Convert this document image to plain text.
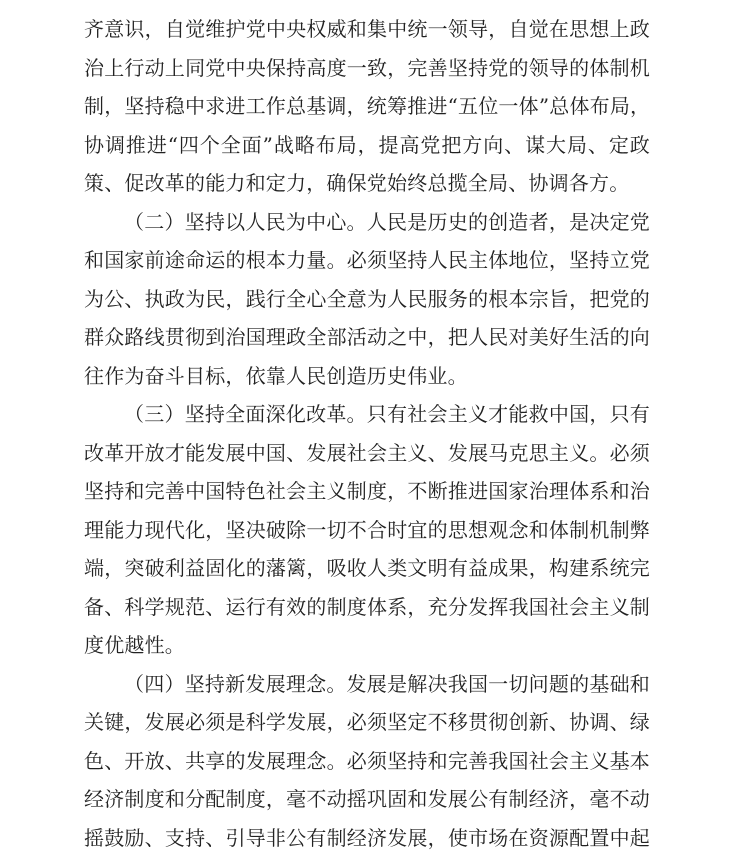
齐意识，自觉维护党中央权威和集中统一领导，自觉在思想上政
治上行动上同党中央保持高度一致，完善坚持党的领导的体制机
制，坚持稳中求进工作总基调，统筹推进“五位一体”总体布局，
协调推进“四个全面”战略布局，提高党把方向、谋大局、定政
策、促改革的能力和定力，确保党始终总揽全局、协调各方。
（二）坚持以人民为中心。人民是历史的创造者，是决定党
和国家前途命运的根本力量。必须坚持人民主体地位，坚持立党
为公、执政为民，践行全心全意为人民服务的根本宗旨，把党的
群众路线贯彻到治国理政全部活动之中，把人民对美好生活的向
往作为奋斗目标，依靠人民创造历史伟业。
（三）坚持全面深化改革。只有社会主义才能救中国，只有
改革开放才能发展中国、发展社会主义、发展马克思主义。必须
坚持和完善中国特色社会主义制度，不断推进国家治理体系和治
理能力现代化，坚决破除一切不合时宜的思想观念和体制机制弊
端，突破利益固化的藩篱，吸收人类文明有益成果，构建系统完
备、科学规范、运行有效的制度体系，充分发挥我国社会主义制
度优越性。
（四）坚持新发展理念。发展是解决我国一切问题的基础和
关键，发展必须是科学发展，必须坚定不移贯彻创新、协调、绿
色、开放、共享的发展理念。必须坚持和完善我国社会主义基本
经济制度和分配制度，毫不动摇巩固和发展公有制经济，毫不动
摇鼓励、支持、引导非公有制经济发展，使市场在资源配置中起
